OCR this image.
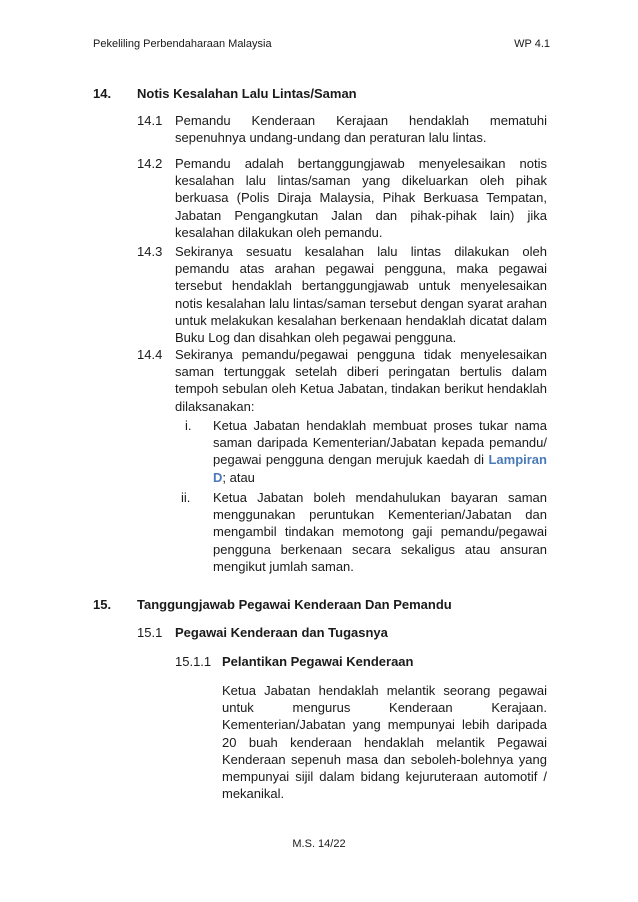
Pekeliling Perbendaharaan Malaysia	WP 4.1
14. Notis Kesalahan Lalu Lintas/Saman
14.1 Pemandu Kenderaan Kerajaan hendaklah mematuhi sepenuhnya undang-undang dan peraturan lalu lintas.
14.2 Pemandu adalah bertanggungjawab menyelesaikan notis kesalahan lalu lintas/saman yang dikeluarkan oleh pihak berkuasa (Polis Diraja Malaysia, Pihak Berkuasa Tempatan, Jabatan Pengangkutan Jalan dan pihak-pihak lain) jika kesalahan dilakukan oleh pemandu.
14.3 Sekiranya sesuatu kesalahan lalu lintas dilakukan oleh pemandu atas arahan pegawai pengguna, maka pegawai tersebut hendaklah bertanggungjawab untuk menyelesaikan notis kesalahan lalu lintas/saman tersebut dengan syarat arahan untuk melakukan kesalahan berkenaan hendaklah dicatat dalam Buku Log dan disahkan oleh pegawai pengguna.
14.4 Sekiranya pemandu/pegawai pengguna tidak menyelesaikan saman tertunggak setelah diberi peringatan bertulis dalam tempoh sebulan oleh Ketua Jabatan, tindakan berikut hendaklah dilaksanakan:
i. Ketua Jabatan hendaklah membuat proses tukar nama saman daripada Kementerian/Jabatan kepada pemandu/ pegawai pengguna dengan merujuk kaedah di Lampiran D; atau
ii. Ketua Jabatan boleh mendahulukan bayaran saman menggunakan peruntukan Kementerian/Jabatan dan mengambil tindakan memotong gaji pemandu/pegawai pengguna berkenaan secara sekaligus atau ansuran mengikut jumlah saman.
15. Tanggungjawab Pegawai Kenderaan Dan Pemandu
15.1 Pegawai Kenderaan dan Tugasnya
15.1.1 Pelantikan Pegawai Kenderaan
Ketua Jabatan hendaklah melantik seorang pegawai untuk mengurus Kenderaan Kerajaan. Kementerian/Jabatan yang mempunyai lebih daripada 20 buah kenderaan hendaklah melantik Pegawai Kenderaan sepenuh masa dan seboleh-bolehnya yang mempunyai sijil dalam bidang kejuruteraan automotif / mekanikal.
M.S. 14/22
